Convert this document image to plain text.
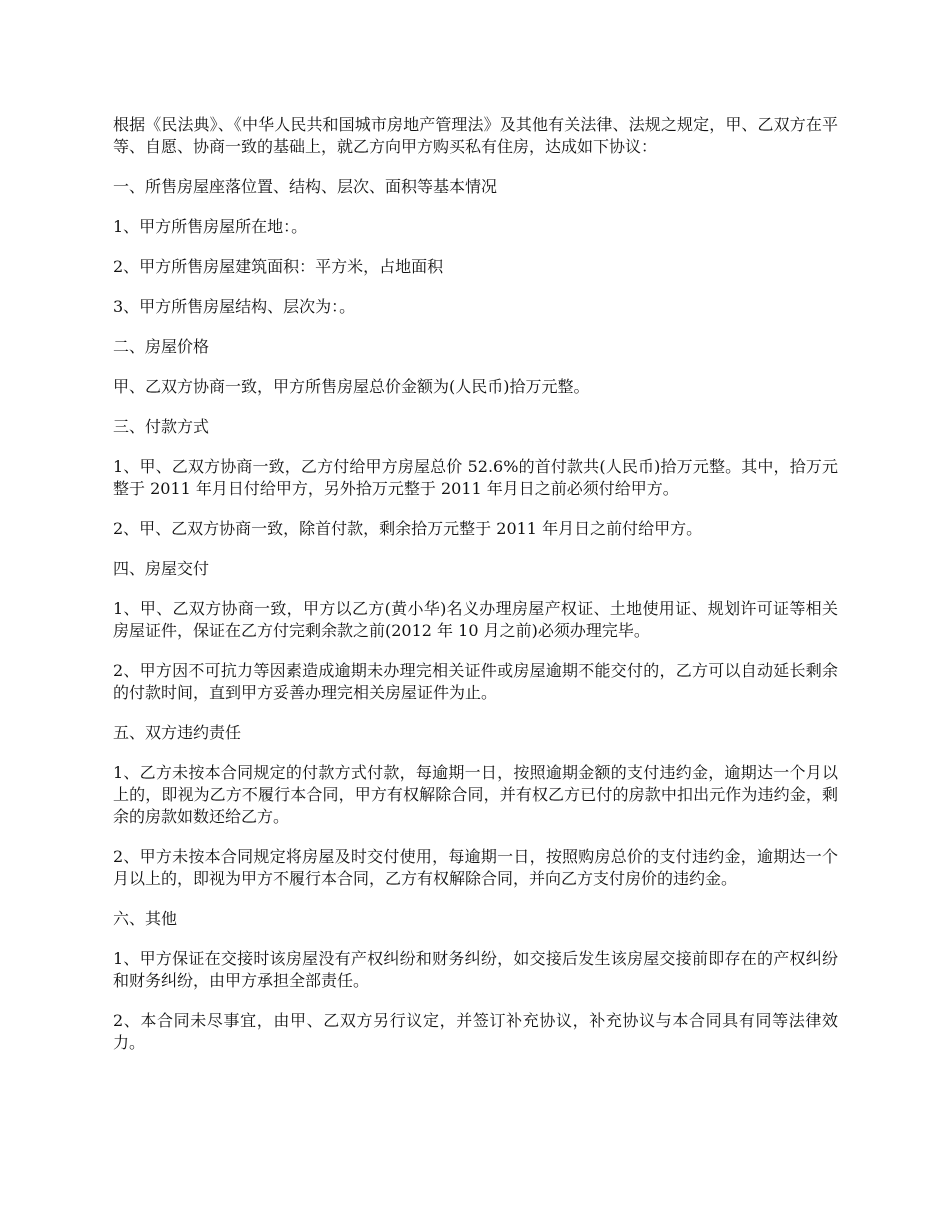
根据《民法典》、《中华人民共和国城市房地产管理法》及其他有关法律、法规之规定，甲、乙双方在平等、自愿、协商一致的基础上，就乙方向甲方购买私有住房，达成如下协议：

一、所售房屋座落位置、结构、层次、面积等基本情况

1、甲方所售房屋所在地：。

2、甲方所售房屋建筑面积：平方米，占地面积

3、甲方所售房屋结构、层次为：。

二、房屋价格

甲、乙双方协商一致，甲方所售房屋总价金额为(人民币)拾万元整。

三、付款方式

1、甲、乙双方协商一致，乙方付给甲方房屋总价 52.6%的首付款共(人民币)拾万元整。其中，拾万元整于 2011 年月日付给甲方，另外拾万元整于 2011 年月日之前必须付给甲方。

2、甲、乙双方协商一致，除首付款，剩余拾万元整于 2011 年月日之前付给甲方。

四、房屋交付

1、甲、乙双方协商一致，甲方以乙方(黄小华)名义办理房屋产权证、土地使用证、规划许可证等相关房屋证件，保证在乙方付完剩余款之前(2012 年 10 月之前)必须办理完毕。

2、甲方因不可抗力等因素造成逾期未办理完相关证件或房屋逾期不能交付的，乙方可以自动延长剩余的付款时间，直到甲方妥善办理完相关房屋证件为止。

五、双方违约责任

1、乙方未按本合同规定的付款方式付款，每逾期一日，按照逾期金额的支付违约金，逾期达一个月以上的，即视为乙方不履行本合同，甲方有权解除合同，并有权乙方已付的房款中扣出元作为违约金，剩余的房款如数还给乙方。

2、甲方未按本合同规定将房屋及时交付使用，每逾期一日，按照购房总价的支付违约金，逾期达一个月以上的，即视为甲方不履行本合同，乙方有权解除合同，并向乙方支付房价的违约金。

六、其他

1、甲方保证在交接时该房屋没有产权纠纷和财务纠纷，如交接后发生该房屋交接前即存在的产权纠纷和财务纠纷，由甲方承担全部责任。

2、本合同未尽事宜，由甲、乙双方另行议定，并签订补充协议，补充协议与本合同具有同等法律效力。
